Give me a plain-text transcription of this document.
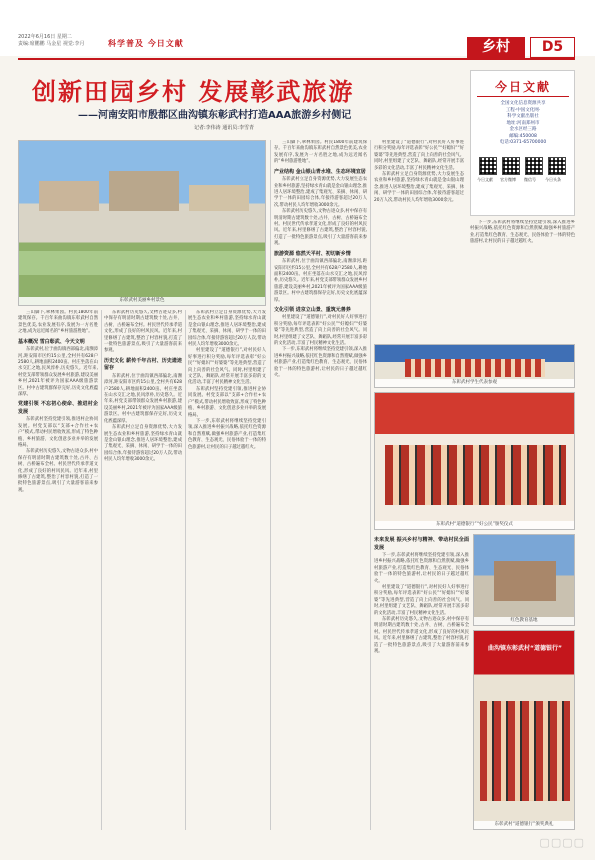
2022年6月16日 星期二
责编:席鹏鹏 马金星 视觉:李月	科学普及 今日文献	乡村	D5
创新田园乡村 发展彰武旅游
——河南安阳市殷都区曲沟镇东彰武村打造AAA旅游乡村侧记
记者:李伟涛 通讯员:李雪青
今日文献
全国文化信息资源共享
工程·中国文化网·
科学文献出版社
地址:河南郑州市
金水区经三路
邮编:450008
电话:0371-65700000
今日文献 官方微博 微信号 今日头条
东彰武村美丽乡村景色

三山脚下,翠林果园。村民1800年前建筑保存。千百年来曲沟镇东彰武村自然景色优美,农业发展有序,发展为一方名胜之地,成为远近闻名的“乡村旅游胜地”。

基本概况 雪白彰武、今天文明

东彰武村,位于曲沟镇西部偏北,南濒漳河,距安阳市区约15公里,全村共有628户2580人,耕地面积2400亩。村庄坐落在山水交汇之地,民风淳朴,历史悠久。近年来,村党支部带领群众发展乡村旅游,建设美丽乡村,2021年被评为国家AAA级旅游景区。村中古建筑群保存完好,历史文化底蕴深厚。

党建引领 不忘初心使命、推进村企发展

东彰武村坚持党建引领,推进村企协同发展。村党支部以“支部+合作社+农户”模式,带动村民增收致富,形成了特色种植、乡村旅游、文化创意多业并举的发展格局。

东彰武村历史悠久,文物古迹众多,村中保存有明清时期古建筑数十处,古井、古树、古桥遍布全村。村民世代传承孝道文化,形成了良好的村风民风。近年来,村里修缮了古建筑,整治了村容村貌,打造了一批特色旅游景点,吸引了大量游客前来参观。

东彰武村历史悠久,文物古迹众多,村中保存有明清时期古建筑数十处,古井、古树、古桥遍布全村。村民世代传承孝道文化,形成了良好的村风民风。近年来,村里修缮了古建筑,整治了村容村貌,打造了一批特色旅游景点,吸引了大量游客前来参观。

历史文化 薪传千年古村、历史遗迹留存

东彰武村,位于曲沟镇西部偏北,南濒漳河,距安阳市区约15公里,全村共有628户2580人,耕地面积2400亩。村庄坐落在山水交汇之地,民风淳朴,历史悠久。近年来,村党支部带领群众发展乡村旅游,建设美丽乡村,2021年被评为国家AAA级旅游景区。村中古建筑群保存完好,历史文化底蕴深厚。

东彰武村立足自身资源优势,大力发展生态农业和乡村旅游,坚持绿水青山就是金山银山理念,推进人居环境整治,建成了集观光、采摘、休闲、研学于一体的田园综合体,年接待游客超过20万人次,带动村民人均年增收3000余元。

东彰武村立足自身资源优势,大力发展生态农业和乡村旅游,坚持绿水青山就是金山银山理念,推进人居环境整治,建成了集观光、采摘、休闲、研学于一体的田园综合体,年接待游客超过20万人次,带动村民人均年增收3000余元。

村里建设了“道德银行”,对村民好人好事进行积分奖励,每年评选表彰“好公民”“好媳妇”“好婆婆”等先进典型,营造了向上向善的社会风气。同时,村里组建了文艺队、舞蹈队,经常开展丰富多彩的文化活动,丰富了村民精神文化生活。

东彰武村坚持党建引领,推进村企协同发展。村党支部以“支部+合作社+农户”模式,带动村民增收致富,形成了特色种植、乡村旅游、文化创意多业并举的发展格局。

下一步,东彰武村将继续坚持党建引领,深入推进乡村振兴战略,依托红色资源和自然禀赋,做强乡村旅游产业,打造集红色教育、生态观光、民俗体验于一体的特色旅游村,让村民的日子越过越红火。

三山脚下,翠林果园。村民1800年前建筑保存。千百年来曲沟镇东彰武村自然景色优美,农业发展有序,发展为一方名胜之地,成为远近闻名的“乡村旅游胜地”。

产业结构 金山银山青水堆、生态环境宜居

东彰武村立足自身资源优势,大力发展生态农业和乡村旅游,坚持绿水青山就是金山银山理念,推进人居环境整治,建成了集观光、采摘、休闲、研学于一体的田园综合体,年接待游客超过20万人次,带动村民人均年增收3000余元。

东彰武村历史悠久,文物古迹众多,村中保存有明清时期古建筑数十处,古井、古树、古桥遍布全村。村民世代传承孝道文化,形成了良好的村风民风。近年来,村里修缮了古建筑,整治了村容村貌,打造了一批特色旅游景点,吸引了大量游客前来参观。

旅游资源 悠然天平村、初切新乡情

东彰武村,位于曲沟镇西部偏北,南濒漳河,距安阳市区约15公里,全村共有628户2580人,耕地面积2400亩。村庄坐落在山水交汇之地,民风淳朴,历史悠久。近年来,村党支部带领群众发展乡村旅游,建设美丽乡村,2021年被评为国家AAA级旅游景区。村中古建筑群保存完好,历史文化底蕴深厚。

文化引领 进京立山景、重筑元善养

村里建设了“道德银行”,对村民好人好事进行积分奖励,每年评选表彰“好公民”“好媳妇”“好婆婆”等先进典型,营造了向上向善的社会风气。同时,村里组建了文艺队、舞蹈队,经常开展丰富多彩的文化活动,丰富了村民精神文化生活。

下一步,东彰武村将继续坚持党建引领,深入推进乡村振兴战略,依托红色资源和自然禀赋,做强乡村旅游产业,打造集红色教育、生态观光、民俗体验于一体的特色旅游村,让村民的日子越过越红火。

村里建设了“道德银行”,对村民好人好事进行积分奖励,每年评选表彰“好公民”“好媳妇”“好婆婆”等先进典型,营造了向上向善的社会风气。同时,村里组建了文艺队、舞蹈队,经常开展丰富多彩的文化活动,丰富了村民精神文化生活。

东彰武村立足自身资源优势,大力发展生态农业和乡村旅游,坚持绿水青山就是金山银山理念,推进人居环境整治,建成了集观光、采摘、休闲、研学于一体的田园综合体,年接待游客超过20万人次,带动村民人均年增收3000余元。

下一步,东彰武村将继续坚持党建引领,深入推进乡村振兴战略,依托红色资源和自然禀赋,做强乡村旅游产业,打造集红色教育、生态观光、民俗体验于一体的特色旅游村,让村民的日子越过越红火。

东彰武村学生代表参观
东彰武村“道德银行”“好公民”颁奖仪式
未来发展 振兴乡村与精神、带动村民全面发展

下一步,东彰武村将继续坚持党建引领,深入推进乡村振兴战略,依托红色资源和自然禀赋,做强乡村旅游产业,打造集红色教育、生态观光、民俗体验于一体的特色旅游村,让村民的日子越过越红火。

村里建设了“道德银行”,对村民好人好事进行积分奖励,每年评选表彰“好公民”“好媳妇”“好婆婆”等先进典型,营造了向上向善的社会风气。同时,村里组建了文艺队、舞蹈队,经常开展丰富多彩的文化活动,丰富了村民精神文化生活。

东彰武村历史悠久,文物古迹众多,村中保存有明清时期古建筑数十处,古井、古树、古桥遍布全村。村民世代传承孝道文化,形成了良好的村风民风。近年来,村里修缮了古建筑,整治了村容村貌,打造了一批特色旅游景点,吸引了大量游客前来参观。

红色教育基地
曲沟镇东彰武村“道德银行”
东彰武村“道德银行”颁奖典礼
▢▢▢▢
